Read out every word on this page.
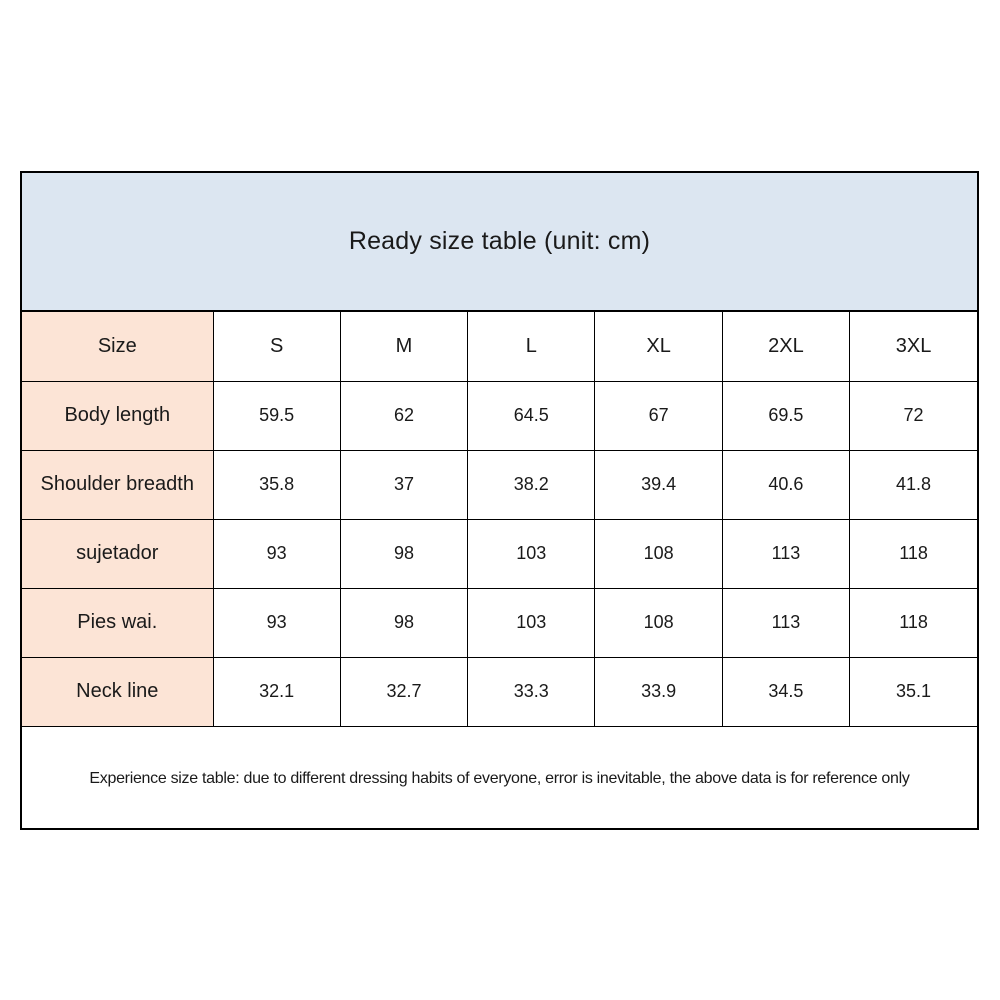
Ready size table (unit: cm)
Size	S	M	L	XL	2XL	3XL
Body length	59.5	62	64.5	67	69.5	72
Shoulder breadth	35.8	37	38.2	39.4	40.6	41.8
sujetador	93	98	103	108	113	118
Pies wai.	93	98	103	108	113	118
Neck line	32.1	32.7	33.3	33.9	34.5	35.1
Experience size table: due to different dressing habits of everyone, error is inevitable, the above data is for reference only
